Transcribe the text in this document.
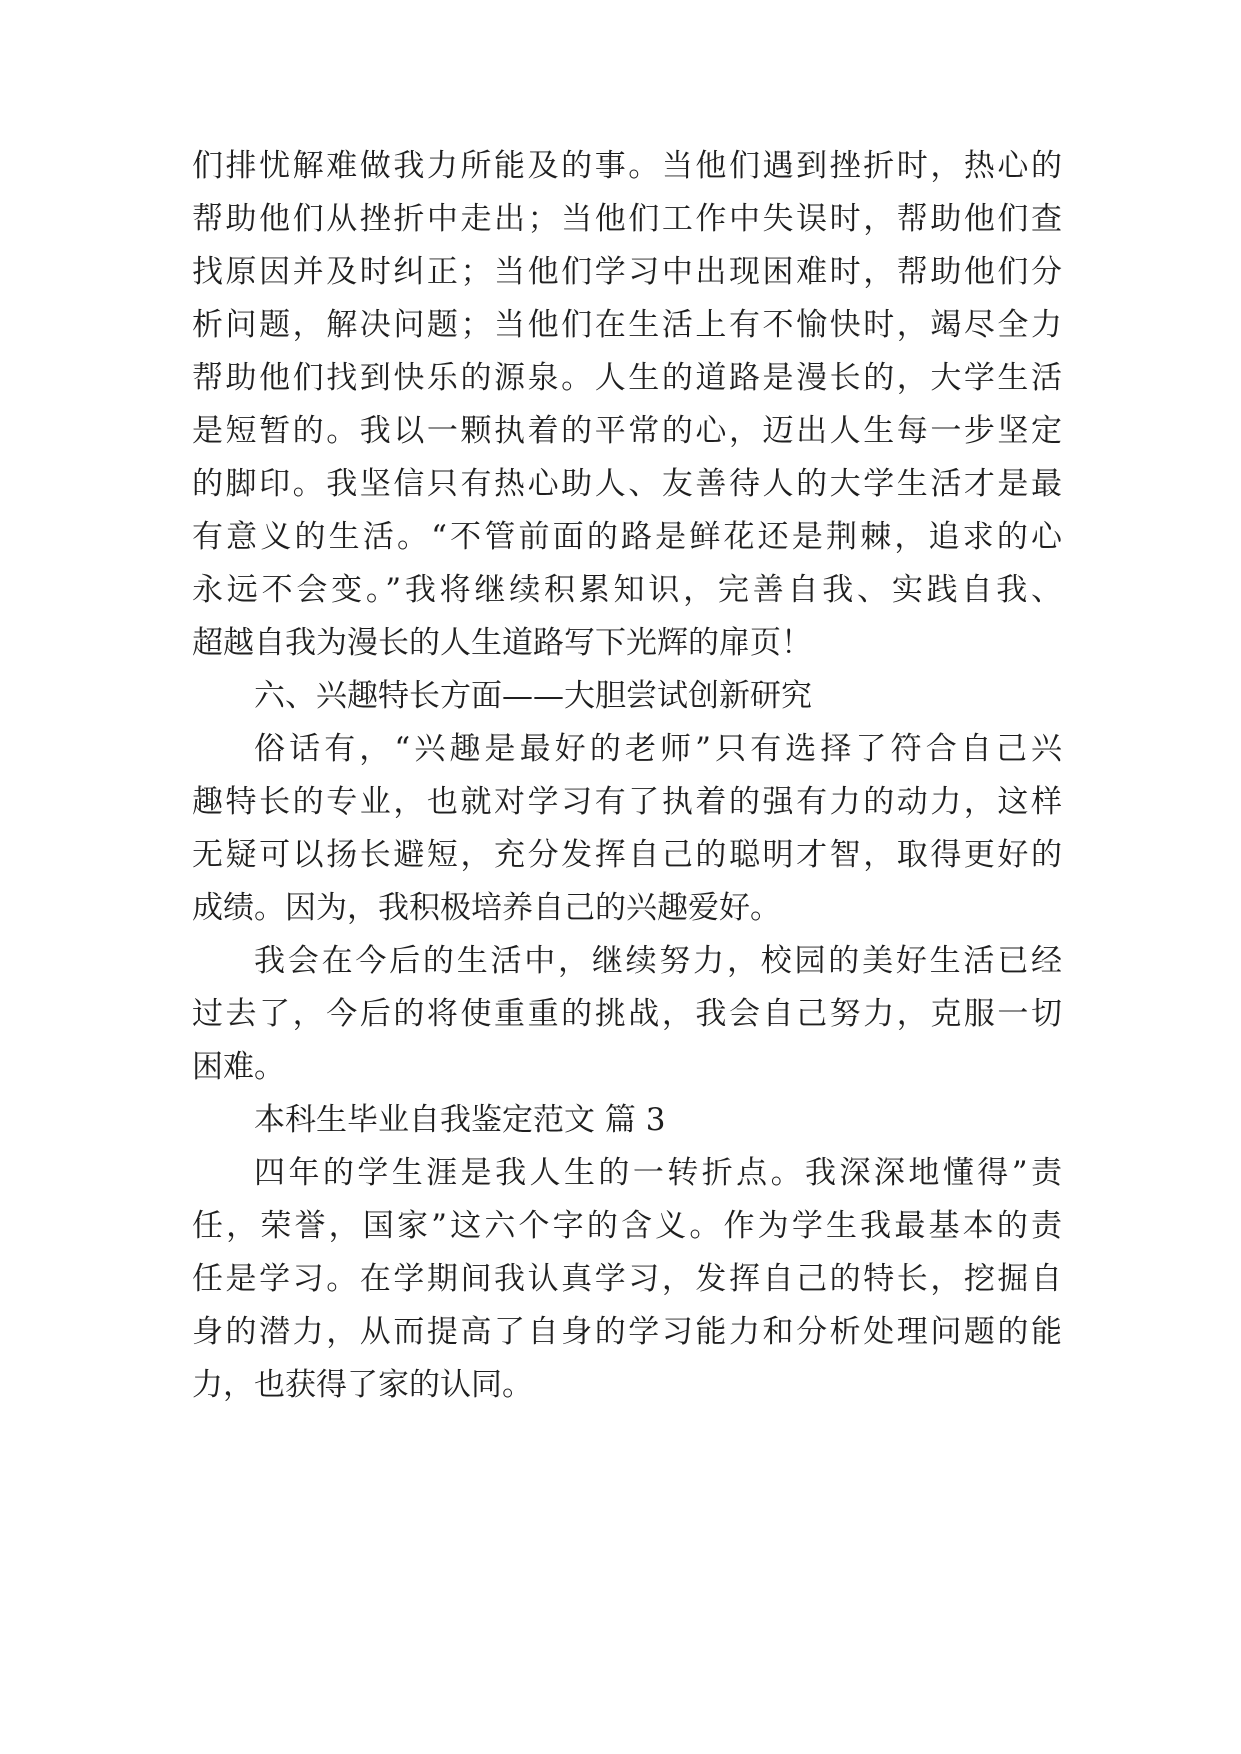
们排忧解难做我力所能及的事。当他们遇到挫折时，热心的
帮助他们从挫折中走出；当他们工作中失误时，帮助他们查
找原因并及时纠正；当他们学习中出现困难时，帮助他们分
析问题，解决问题；当他们在生活上有不愉快时，竭尽全力
帮助他们找到快乐的源泉。人生的道路是漫长的，大学生活
是短暂的。我以一颗执着的平常的心，迈出人生每一步坚定
的脚印。我坚信只有热心助人、友善待人的大学生活才是最
有意义的生活。“不管前面的路是鲜花还是荆棘，追求的心
永远不会变。”我将继续积累知识，完善自我、实践自我、
超越自我为漫长的人生道路写下光辉的扉页！
六、兴趣特长方面——大胆尝试创新研究
俗话有，“兴趣是最好的老师”只有选择了符合自己兴
趣特长的专业，也就对学习有了执着的强有力的动力，这样
无疑可以扬长避短，充分发挥自己的聪明才智，取得更好的
成绩。因为，我积极培养自己的兴趣爱好。
我会在今后的生活中，继续努力，校园的美好生活已经
过去了，今后的将使重重的挑战，我会自己努力，克服一切
困难。
本科生毕业自我鉴定范文 篇 3
四年的学生涯是我人生的一转折点。我深深地懂得”责
任，荣誉，国家”这六个字的含义。作为学生我最基本的责
任是学习。在学期间我认真学习，发挥自己的特长，挖掘自
身的潜力，从而提高了自身的学习能力和分析处理问题的能
力，也获得了家的认同。
